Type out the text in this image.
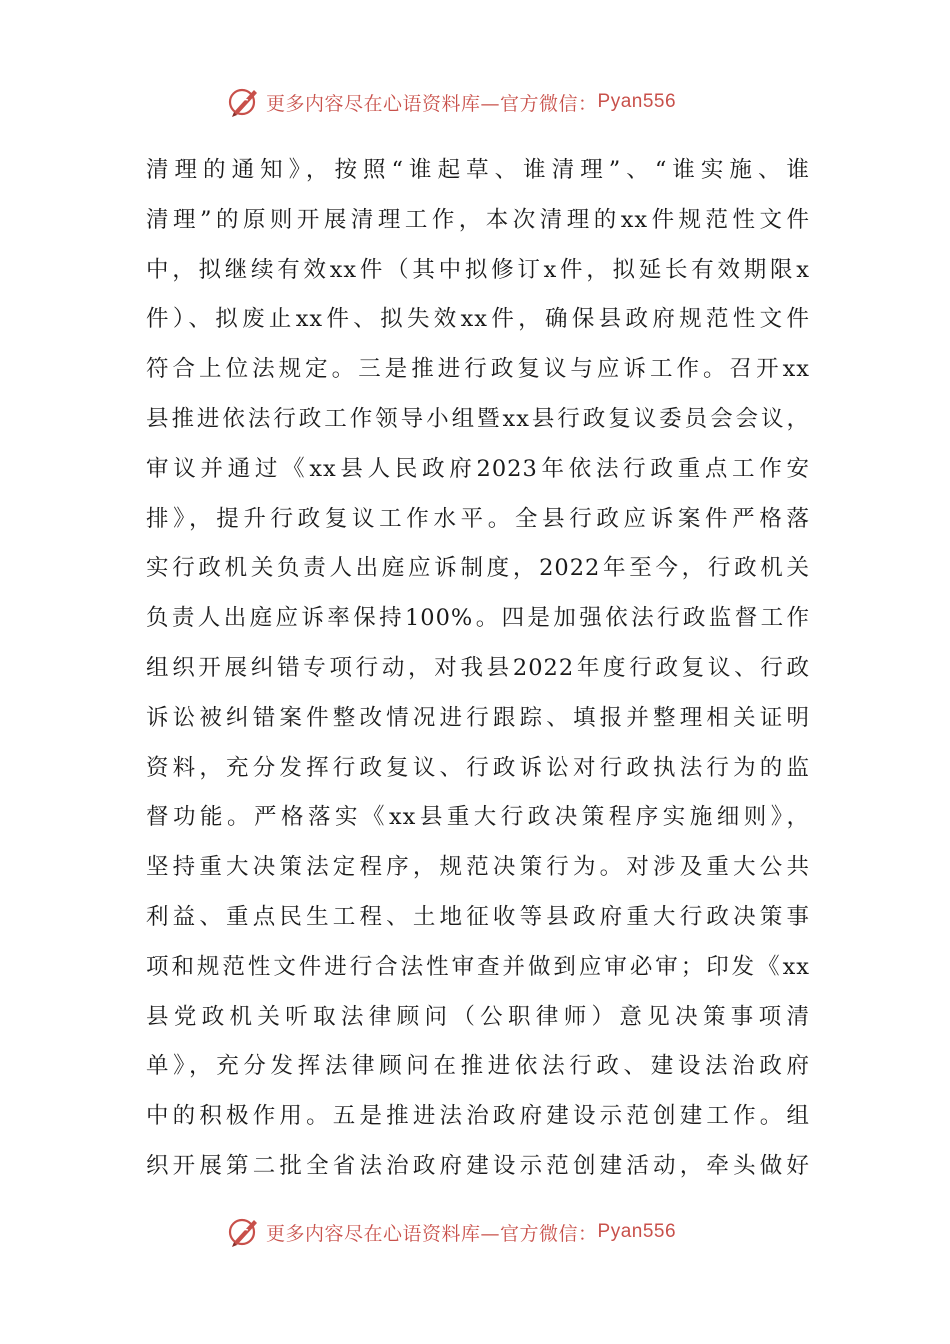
更多内容尽在心语资料库—官方微信： Pyan556
清理的通知》，按照“谁起草、谁清理”、“谁实施、谁
清理”的原则开展清理工作，本次清理的xx件规范性文件
中，拟继续有效xx件（其中拟修订x件，拟延长有效期限x
件）、拟废止xx件、拟失效xx件，确保县政府规范性文件
符合上位法规定。三是推进行政复议与应诉工作。召开xx
县推进依法行政工作领导小组暨xx县行政复议委员会会议，
审议并通过《xx县人民政府2023年依法行政重点工作安
排》，提升行政复议工作水平。全县行政应诉案件严格落
实行政机关负责人出庭应诉制度，2022年至今，行政机关
负责人出庭应诉率保持100%。四是加强依法行政监督工作
组织开展纠错专项行动，对我县2022年度行政复议、行政
诉讼被纠错案件整改情况进行跟踪、填报并整理相关证明
资料，充分发挥行政复议、行政诉讼对行政执法行为的监
督功能。严格落实《xx县重大行政决策程序实施细则》，
坚持重大决策法定程序，规范决策行为。对涉及重大公共
利益、重点民生工程、土地征收等县政府重大行政决策事
项和规范性文件进行合法性审查并做到应审必审；印发《xx
县党政机关听取法律顾问（公职律师）意见决策事项清
单》，充分发挥法律顾问在推进依法行政、建设法治政府
中的积极作用。五是推进法治政府建设示范创建工作。组
织开展第二批全省法治政府建设示范创建活动，牵头做好
更多内容尽在心语资料库—官方微信： Pyan556
